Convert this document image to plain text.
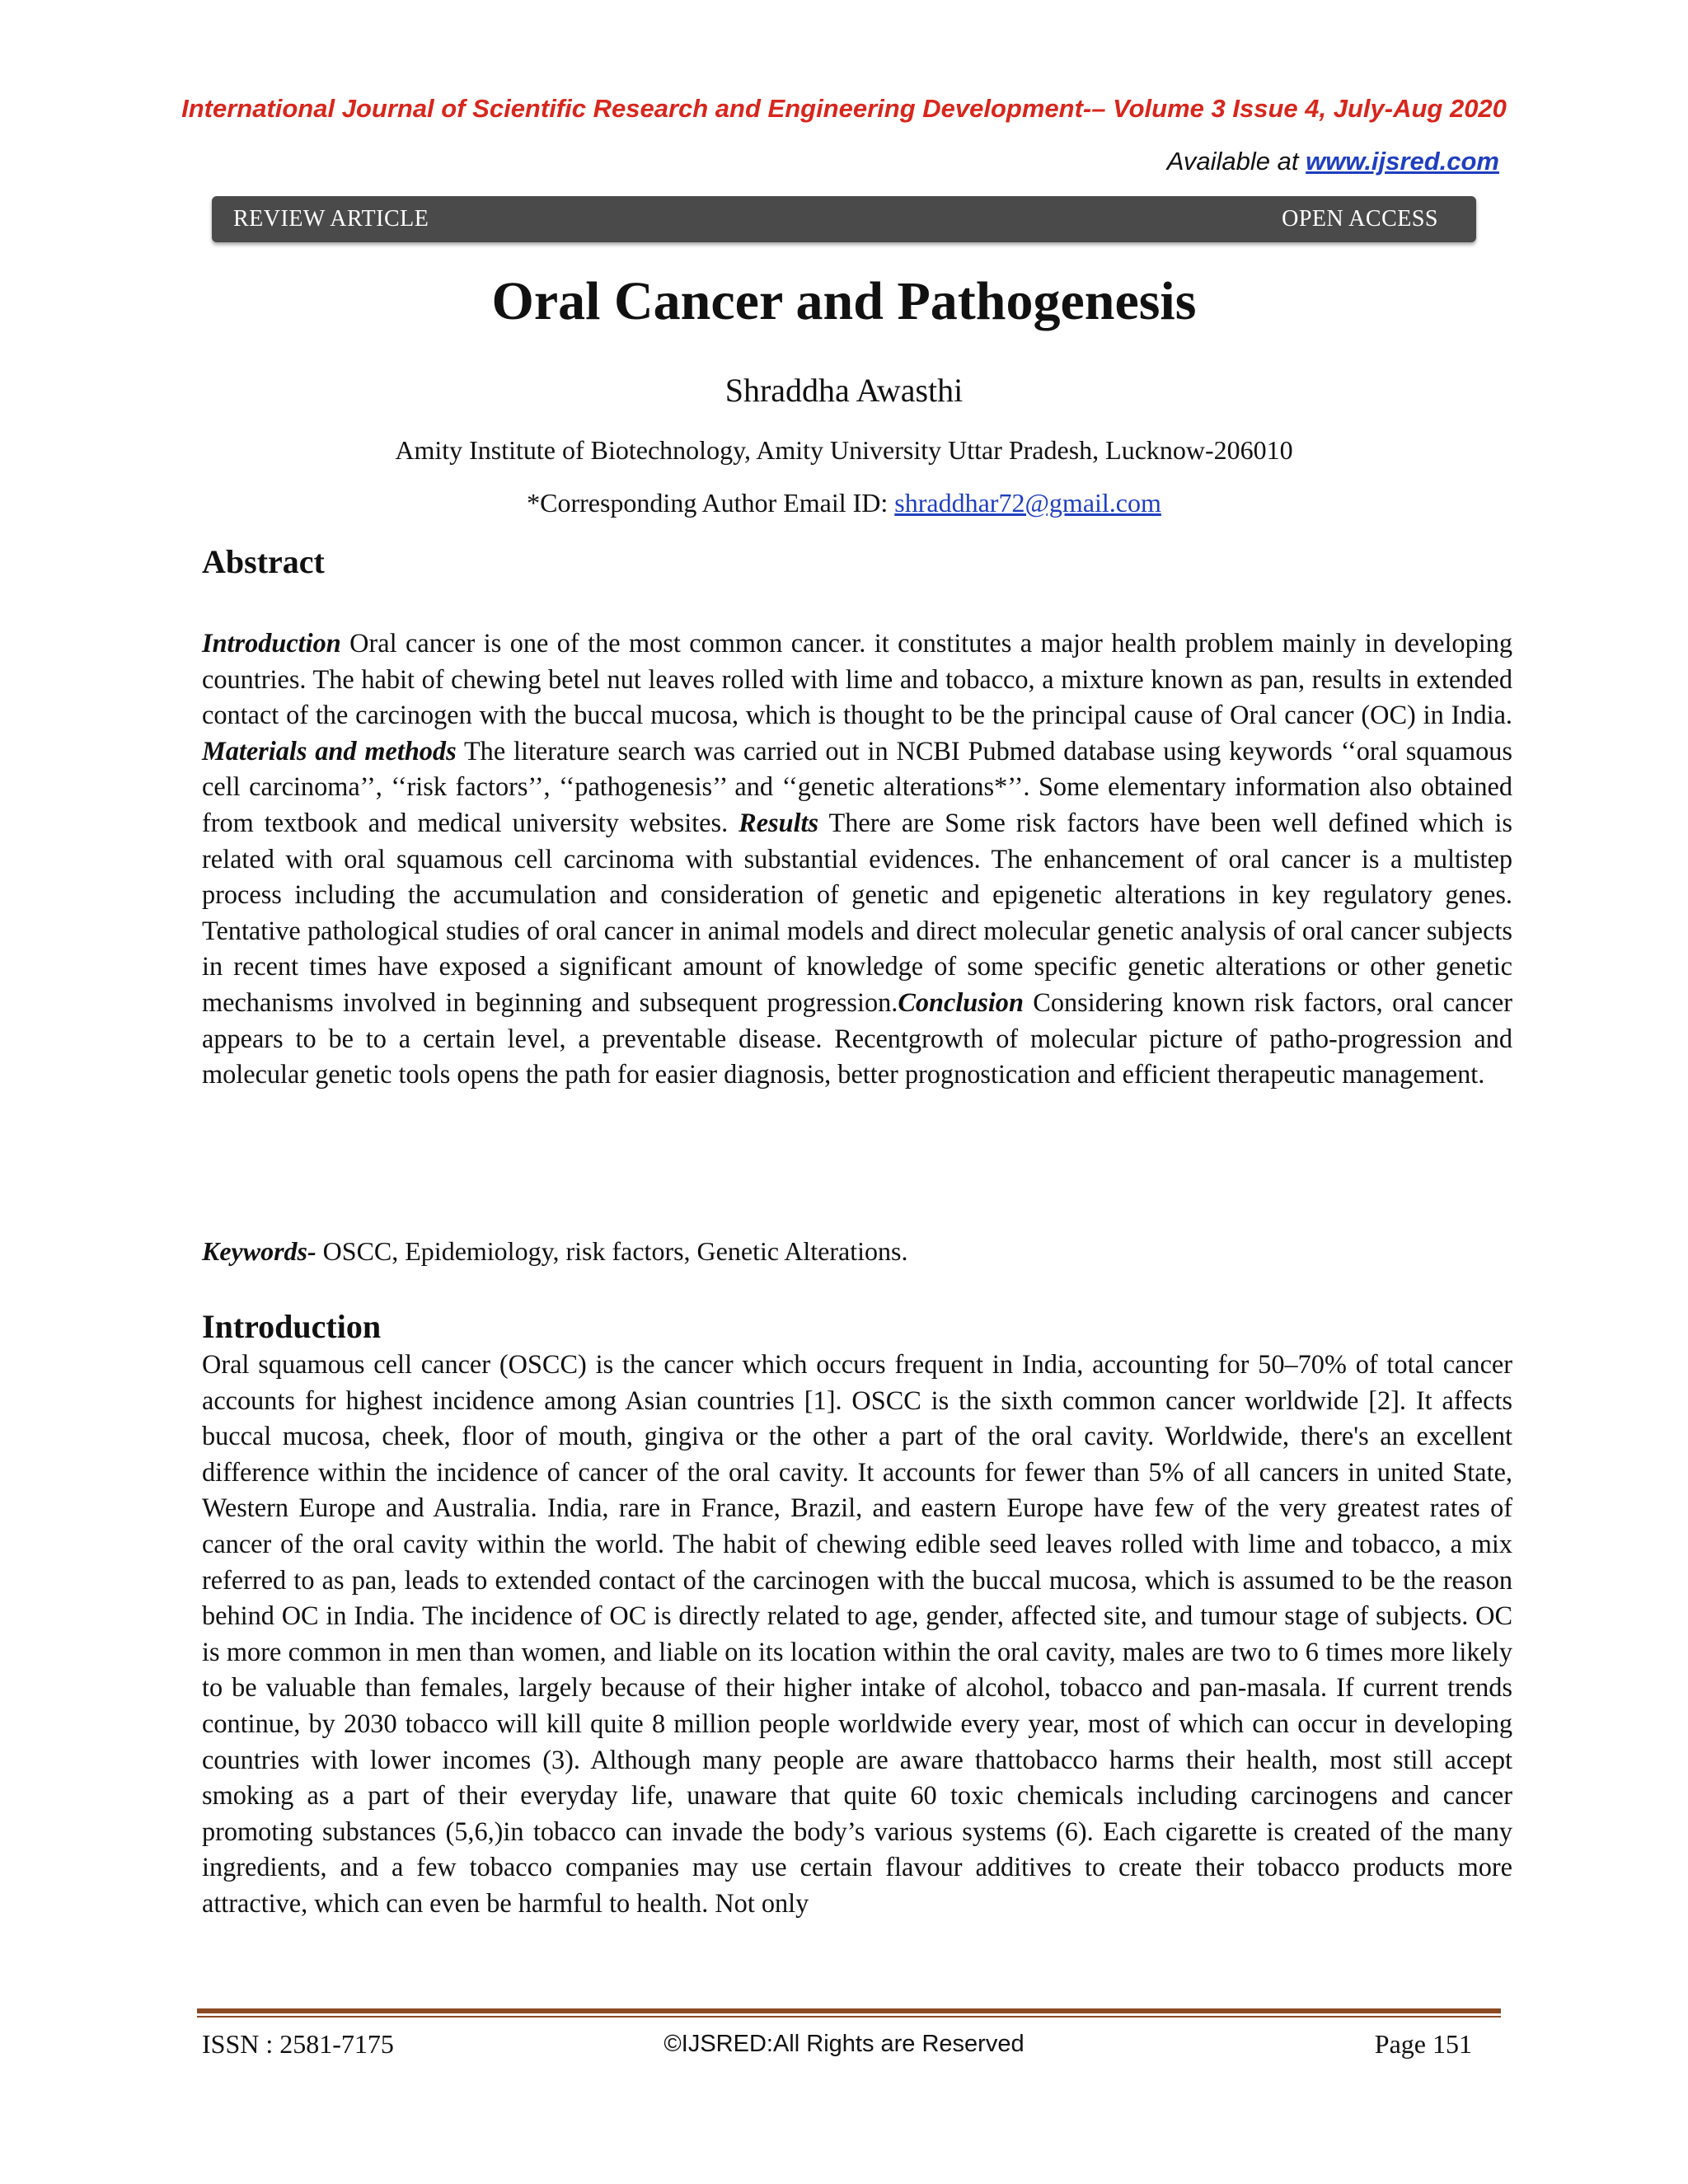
International Journal of Scientific Research and Engineering Development-– Volume 3 Issue 4, July-Aug 2020
Available at www.ijsred.com
REVIEW ARTICLE	OPEN ACCESS
Oral Cancer and Pathogenesis
Shraddha Awasthi
Amity Institute of Biotechnology, Amity University Uttar Pradesh, Lucknow-206010
*Corresponding Author Email ID: shraddhar72@gmail.com
Abstract
Introduction Oral cancer is one of the most common cancer. it constitutes a major health problem mainly in developing countries. The habit of chewing betel nut leaves rolled with lime and tobacco, a mixture known as pan, results in extended contact of the carcinogen with the buccal mucosa, which is thought to be the principal cause of Oral cancer (OC) in India. Materials and methods The literature search was carried out in NCBI Pubmed database using keywords ‘‘oral squamous cell carcinoma’’, ‘‘risk factors’’, ‘‘pathogenesis’’ and ‘‘genetic alterations*’’. Some elementary information also obtained from textbook and medical university websites. Results There are Some risk factors have been well defined which is related with oral squamous cell carcinoma with substantial evidences. The enhancement of oral cancer is a multistep process including the accumulation and consideration of genetic and epigenetic alterations in key regulatory genes. Tentative pathological studies of oral cancer in animal models and direct molecular genetic analysis of oral cancer subjects in recent times have exposed a significant amount of knowledge of some specific genetic alterations or other genetic mechanisms involved in beginning and subsequent progression.Conclusion Considering known risk factors, oral cancer appears to be to a certain level, a preventable disease. Recentgrowth of molecular picture of patho-progression and molecular genetic tools opens the path for easier diagnosis, better prognostication and efficient therapeutic management.
Keywords- OSCC, Epidemiology, risk factors, Genetic Alterations.
Introduction
Oral squamous cell cancer (OSCC) is the cancer which occurs frequent in India, accounting for 50–70% of total cancer accounts for highest incidence among Asian countries [1]. OSCC is the sixth common cancer worldwide [2]. It affects buccal mucosa, cheek, floor of mouth, gingiva or the other a part of the oral cavity. Worldwide, there's an excellent difference within the incidence of cancer of the oral cavity. It accounts for fewer than 5% of all cancers in united State, Western Europe and Australia. India, rare in France, Brazil, and eastern Europe have few of the very greatest rates of cancer of the oral cavity within the world. The habit of chewing edible seed leaves rolled with lime and tobacco, a mix referred to as pan, leads to extended contact of the carcinogen with the buccal mucosa, which is assumed to be the reason behind OC in India. The incidence of OC is directly related to age, gender, affected site, and tumour stage of subjects. OC is more common in men than women, and liable on its location within the oral cavity, males are two to 6 times more likely to be valuable than females, largely because of their higher intake of alcohol, tobacco and pan-masala. If current trends continue, by 2030 tobacco will kill quite 8 million people worldwide every year, most of which can occur in developing countries with lower incomes (3). Although many people are aware thattobacco harms their health, most still accept smoking as a part of their everyday life, unaware that quite 60 toxic chemicals including carcinogens and cancer promoting substances (5,6,)in tobacco can invade the body’s various systems (6). Each cigarette is created of the many ingredients, and a few tobacco companies may use certain flavour additives to create their tobacco products more attractive, which can even be harmful to health. Not only
ISSN : 2581-7175	©IJSRED:All Rights are Reserved	Page 151
